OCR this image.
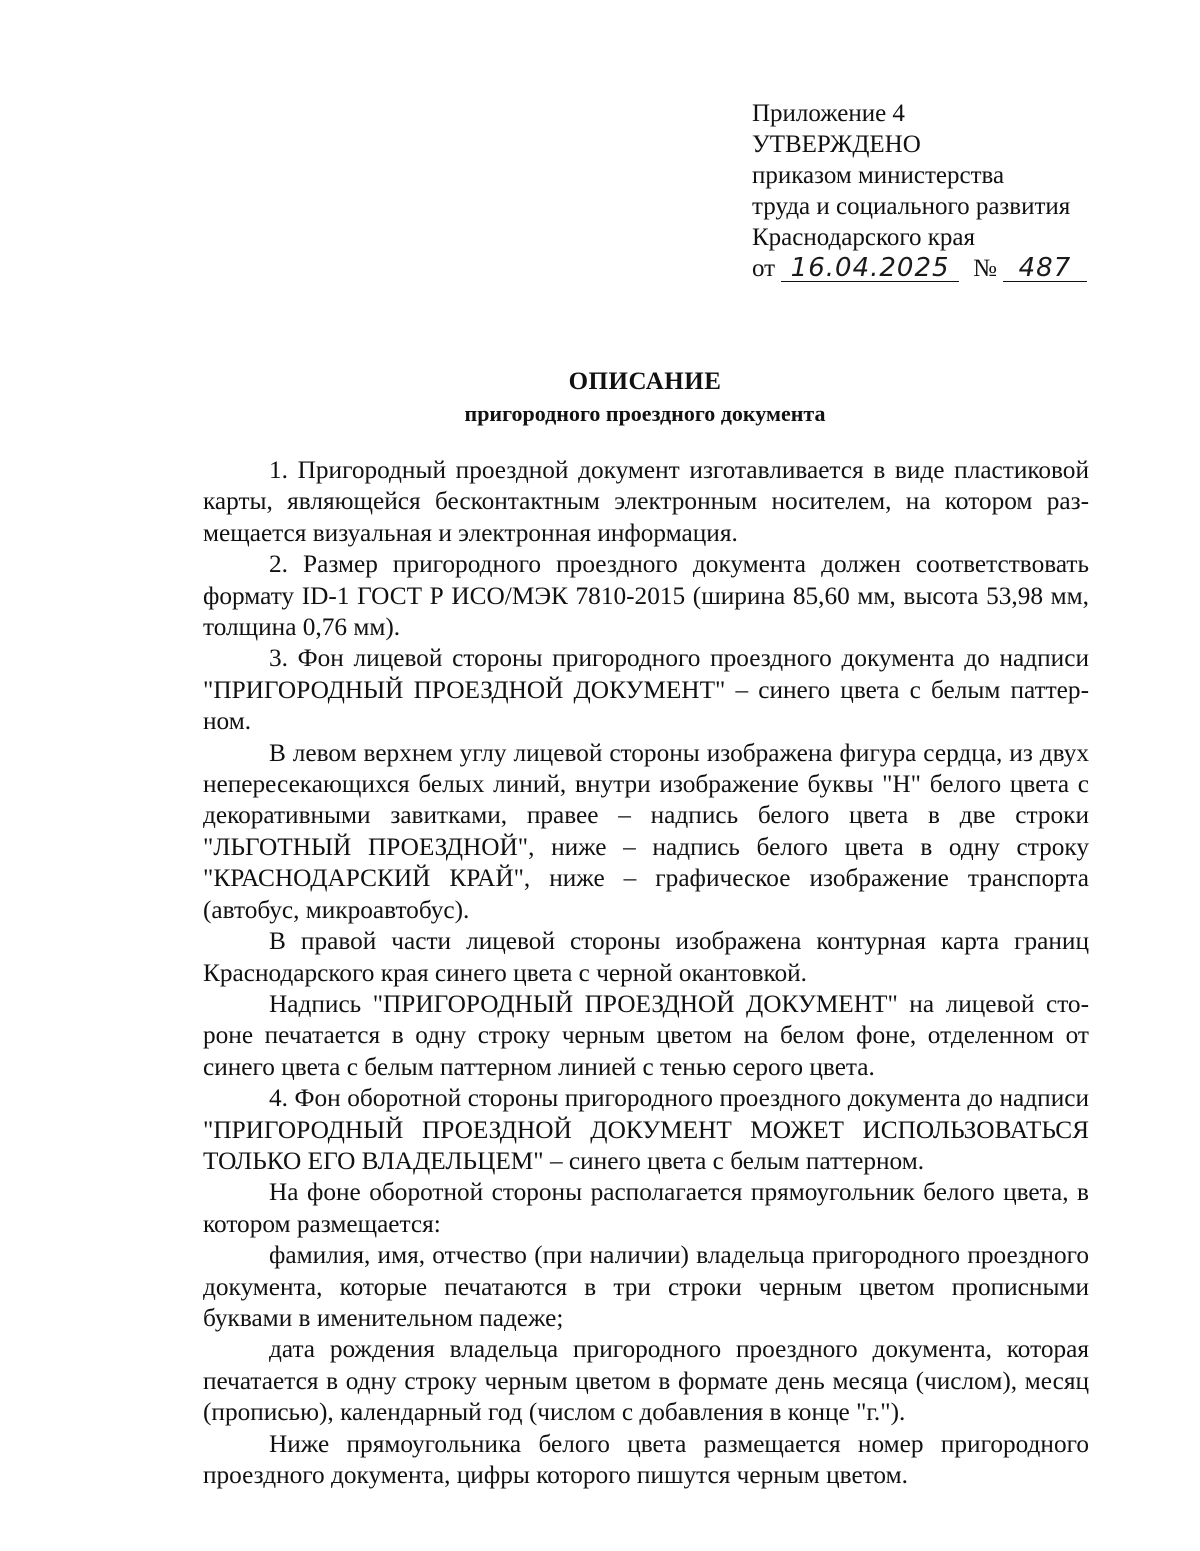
Приложение 4

УТВЕРЖДЕНО

приказом министерства

труда и социального развития

Краснодарского края

от 16.04.2025 № 487

ОПИСАНИЕ
пригородного проездного документа

1. Пригородный проездной документ изготавливается в виде пластиковой карты, являющейся бесконтактным электронным носителем, на котором размещается визуальная и электронная информация.

2. Размер пригородного проездного документа должен соответствовать формату ID-1 ГОСТ Р ИСО/МЭК 7810-2015 (ширина 85,60 мм, высота 53,98 мм, толщина 0,76 мм).

3. Фон лицевой стороны пригородного проездного документа до надписи "ПРИГОРОДНЫЙ ПРОЕЗДНОЙ ДОКУМЕНТ" – синего цвета с белым паттерном.

В левом верхнем углу лицевой стороны изображена фигура сердца, из двух непересекающихся белых линий, внутри изображение буквы "Н" белого цвета с декоративными завитками, правее – надпись белого цвета в две строки "ЛЬГОТНЫЙ ПРОЕЗДНОЙ", ниже – надпись белого цвета в одну строку "КРАСНОДАРСКИЙ КРАЙ", ниже – графическое изображение транспорта (автобус, микроавтобус).

В правой части лицевой стороны изображена контурная карта границ Краснодарского края синего цвета с черной окантовкой.

Надпись "ПРИГОРОДНЫЙ ПРОЕЗДНОЙ ДОКУМЕНТ" на лицевой стороне печатается в одну строку черным цветом на белом фоне, отделенном от синего цвета с белым паттерном линией с тенью серого цвета.

4. Фон оборотной стороны пригородного проездного документа до надписи "ПРИГОРОДНЫЙ ПРОЕЗДНОЙ ДОКУМЕНТ МОЖЕТ ИСПОЛЬЗОВАТЬСЯ ТОЛЬКО ЕГО ВЛАДЕЛЬЦЕМ" – синего цвета с белым паттерном.

На фоне оборотной стороны располагается прямоугольник белого цвета, в котором размещается:

фамилия, имя, отчество (при наличии) владельца пригородного проездного документа, которые печатаются в три строки черным цветом прописными буквами в именительном падеже;

дата рождения владельца пригородного проездного документа, которая печатается в одну строку черным цветом в формате день месяца (числом), месяц (прописью), календарный год (числом с добавления в конце "г.").

Ниже прямоугольника белого цвета размещается номер пригородного проездного документа, цифры которого пишутся черным цветом.
